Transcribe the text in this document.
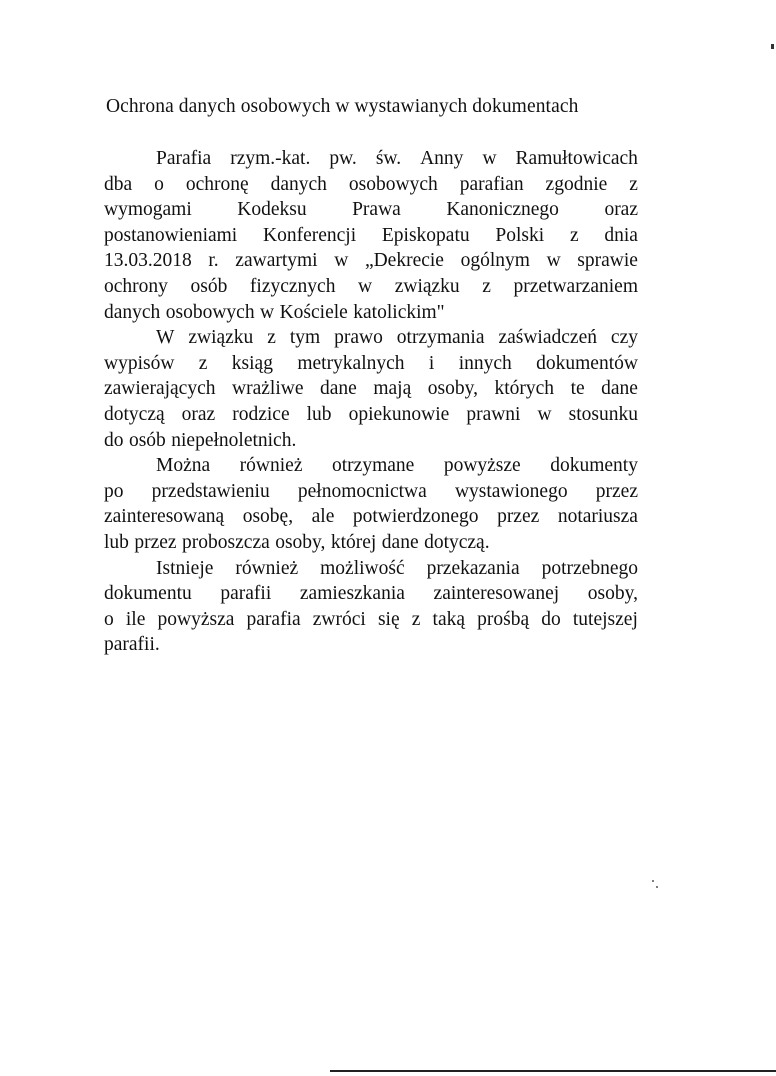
Ochrona danych osobowych w wystawianych dokumentach
Parafia rzym.-kat. pw. św. Anny w Ramułtowicach
dba o ochronę danych osobowych parafian zgodnie z
wymogami Kodeksu Prawa Kanonicznego oraz
postanowieniami Konferencji Episkopatu Polski z dnia
13.03.2018 r. zawartymi w „Dekrecie ogólnym w sprawie
ochrony osób fizycznych w związku z przetwarzaniem
danych osobowych w Kościele katolickim"
W związku z tym prawo otrzymania zaświadczeń czy
wypisów z ksiąg metrykalnych i innych dokumentów
zawierających wrażliwe dane mają osoby, których te dane
dotyczą oraz rodzice lub opiekunowie prawni w stosunku
do osób niepełnoletnich.
Można również otrzymane powyższe dokumenty
po przedstawieniu pełnomocnictwa wystawionego przez
zainteresowaną osobę, ale potwierdzonego przez notariusza
lub przez proboszcza osoby, której dane dotyczą.
Istnieje również możliwość przekazania potrzebnego
dokumentu parafii zamieszkania zainteresowanej osoby,
o ile powyższa parafia zwróci się z taką prośbą do tutejszej
parafii.
